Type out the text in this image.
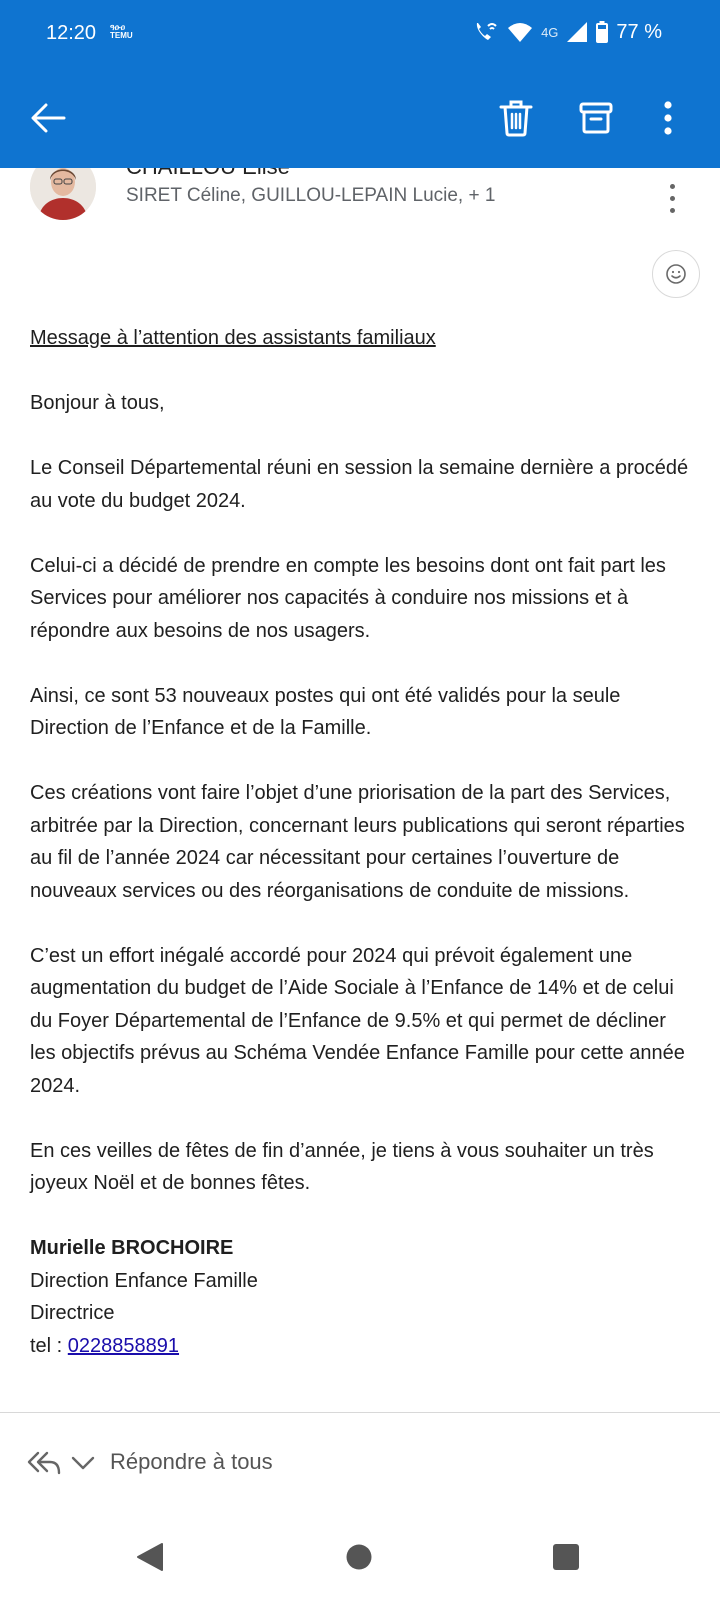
SIRET Céline, GUILLOU-LEPAIN Lucie, + 1

Message à l’attention des assistants familiaux

Bonjour à tous,

Le Conseil Départemental réuni en session la semaine dernière a procédé au vote du budget 2024.

Celui-ci a décidé de prendre en compte les besoins dont ont fait part les Services pour améliorer nos capacités à conduire nos missions et à répondre aux besoins de nos usagers.

Ainsi, ce sont 53 nouveaux postes qui ont été validés pour la seule Direction de l’Enfance et de la Famille.

Ces créations vont faire l’objet d’une priorisation de la part des Services, arbitrée par la Direction, concernant leurs publications qui seront réparties au fil de l’année 2024 car nécessitant pour certaines l’ouverture de nouveaux services ou des réorganisations de conduite de missions.

C’est un effort inégalé accordé pour 2024 qui prévoit également une augmentation du budget de l’Aide Sociale à l’Enfance de 14% et de celui du Foyer Départemental de l’Enfance de 9.5% et qui permet de décliner les objectifs prévus au Schéma Vendée Enfance Famille pour cette année 2024.

En ces veilles de fêtes de fin d’année, je tiens à vous souhaiter un très joyeux Noël et de bonnes fêtes.

Murielle BROCHOIRE
Direction Enfance Famille
Directrice
tel : 0228858891

12:20 ዓዑዐ
TEMU	4G	77 %
Répondre à tous
